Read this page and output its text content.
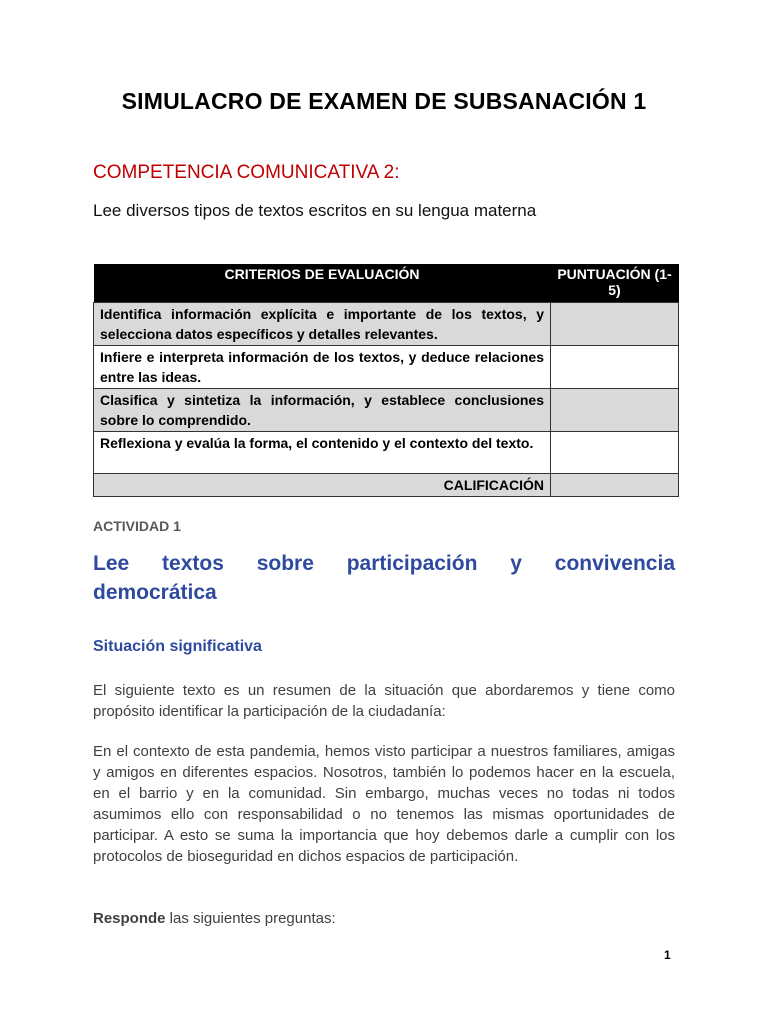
SIMULACRO DE EXAMEN DE SUBSANACIÓN 1
COMPETENCIA COMUNICATIVA 2:
Lee diversos tipos de textos escritos en su lengua materna
CRITERIOS DE EVALUACIÓN	PUNTUACIÓN (1-5)
Identifica información explícita e importante de los textos, y selecciona datos específicos y detalles relevantes.	
Infiere e interpreta información de los textos, y deduce relaciones entre las ideas.	
Clasifica y sintetiza la información, y establece conclusiones sobre lo comprendido.	
Reflexiona y evalúa la forma, el contenido y el contexto del texto.	
CALIFICACIÓN	
ACTIVIDAD 1
Lee textos sobre participación y convivencia
democrática
Situación significativa
El siguiente texto es un resumen de la situación que abordaremos y tiene como propósito identificar la participación de la ciudadanía:
En el contexto de esta pandemia, hemos visto participar a nuestros familiares, amigas y amigos en diferentes espacios. Nosotros, también lo podemos hacer en la escuela, en el barrio y en la comunidad. Sin embargo, muchas veces no todas ni todos asumimos ello con responsabilidad o no tenemos las mismas oportunidades de participar. A esto se suma la importancia que hoy debemos darle a cumplir con los protocolos de bioseguridad en dichos espacios de participación.
Responde las siguientes preguntas:
1
